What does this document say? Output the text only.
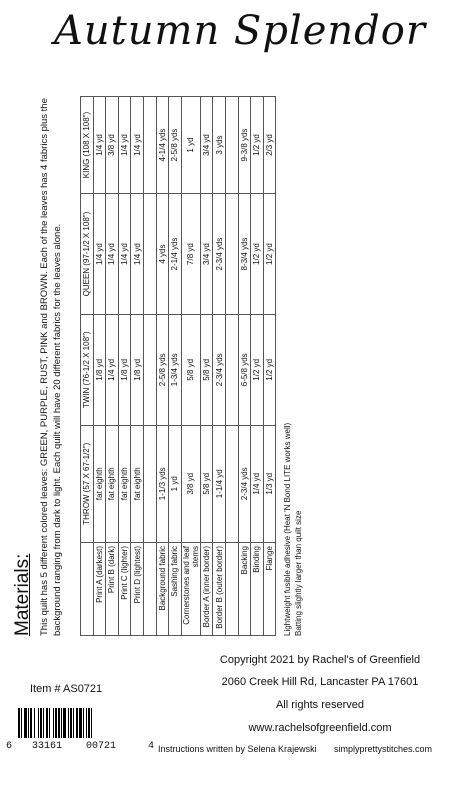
Autumn Splendor
Materials: This quilt has 5 different colored leaves: GREEN, PURPLE, RUST, PINK and BROWN. Each of the leaves has 4 fabrics plus the background ranging from dark to light. Each quilt will have 20 different fabrics for the leaves alone.
	THROW (57 X 67-1/2")	TWIN (76-1/2 X 108")	QUEEN (97-1/2 X 108")	KING (108 X 108")
Print A (darkest)	fat eighth	1/8 yd	1/4 yd	1/4 yd
Print B (dark)	fat eighth	1/4 yd	1/4 yd	3/8 yd
Print C (lighter)	fat eighth	1/8 yd	1/4 yd	1/4 yd
Print D (lightest)	fat eighth	1/8 yd	1/4 yd	1/4 yd

Background fabric	1-1/3 yds	2-5/8 yds	4 yds	4-1/4 yds
Sashing fabric	1 yd	1-3/4 yds	2-1/4 yds	2-5/8 yds
Cornerstones and leaf stems	3/8 yd	5/8 yd	7/8 yd	1 yd
Border A (inner border)	5/8 yd	5/8 yd	3/4 yd	3/4 yd
Border B (outer border)	1-1/4 yd	2-3/4 yds	2-3/4 yds	3 yds

Backing	2-3/4 yds	6-5/8 yds	8-3/4 yds	9-3/8 yds
Binding	1/4 yd	1/2 yd	1/2 yd	1/2 yd
Flange	1/3 yd	1/2 yd	1/2 yd	2/3 yd
Lightweight fusible adhesive (Heat 'N Bond LITE works well) Batting slightly larger than quilt size
Copyright 2021 by Rachel's of Greenfield
2060 Creek Hill Rd, Lancaster PA 17601
All rights reserved
www.rachelsofgreenfield.com
Item # AS0721
6 33161 00721	4 Instructions written by Selena Krajewski simplyprettystitches.com
